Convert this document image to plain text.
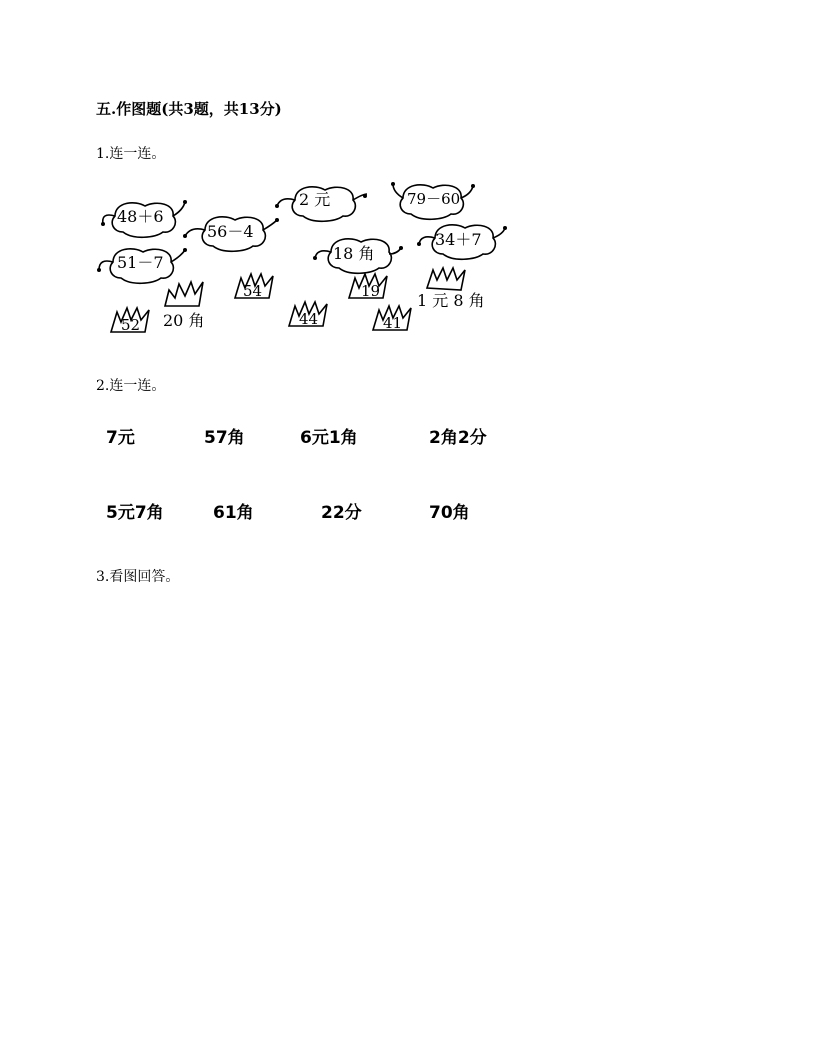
五.作图题(共3题，共13分)
1.连一连。
48＋6
56－4
51－7
2 元	79－60
18 角
34＋7
52
54	19
44	41
20 角
1 元 8 角
2.连一连。
7元	57角	6元1角	2角2分
5元7角	61角	22分	70角
3.看图回答。
